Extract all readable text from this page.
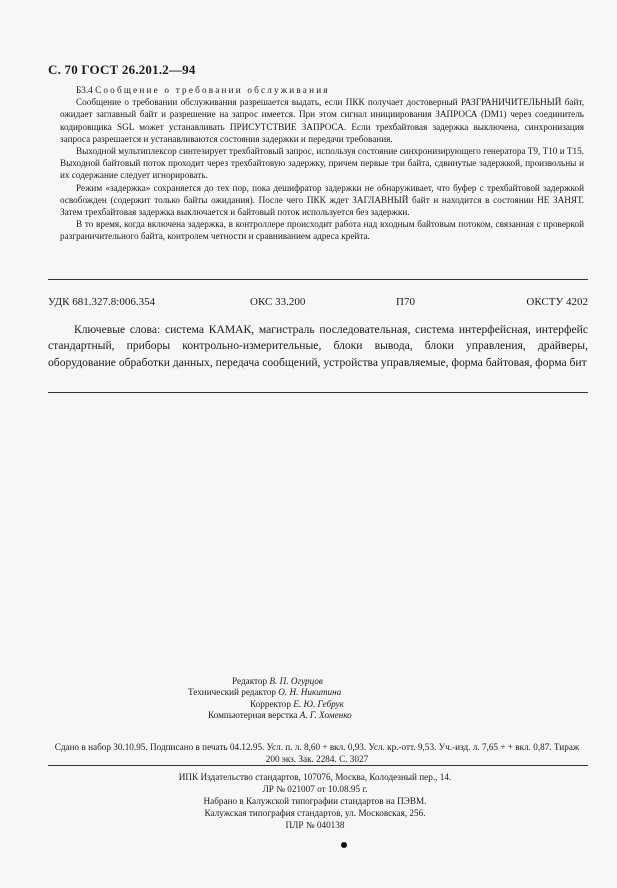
С. 70 ГОСТ 26.201.2—94

Б3.4 Сообщение о требовании обслуживания

Сообщение о требовании обслуживания разрешается выдать, если ПКК получает достоверный РАЗГРАНИЧИТЕЛЬНЫЙ байт, ожидает заглавный байт и разрешение на запрос имеется. При этом сигнал инициирования ЗАПРОСА (DM1) через соединитель кодировщика SGL может устанавливать ПРИСУТСТВИЕ ЗАПРОСА. Если трехбайтовая задержка выключена, синхронизация запроса разрешается и устанавливаются состояния задержки и передачи требования.

Выходной мультиплексор синтезирует трехбайтовый запрос, используя состояние синхронизирующего генератора Т9, Т10 и Т15. Выходной байтовый поток проходит через трехбайтовую задержку, причем первые три байта, сдвинутые задержкой, произвольны и их содержание следует игнорировать.

Режим «задержка» сохраняется до тех пор, пока дешифратор задержки не обнаруживает, что буфер с трехбайтовой задержкой освобожден (содержит только байты ожидания). После чего ПКК ждет ЗАГЛАВНЫЙ байт и находится в состоянии НЕ ЗАНЯТ. Затем трехбайтовая задержка выключается и байтовый поток используется без задержки.

В то время, когда включена задержка, в контроллере происходит работа над входным байтовым потоком, связанная с проверкой разграничительного байта, контролем четности и сравниванием адреса крейта.

УДК 681.327.8:006.354	ОКС 33.200	П70	ОКСТУ 4202

Ключевые слова: система КАМАК, магистраль последовательная, система интерфейсная, интерфейс стандартный, приборы контрольно-измерительные, блоки вывода, блоки управления, драйверы, оборудование обработки данных, передача сообщений, устройства управляемые, форма байтовая, форма бит

Редактор В. П. Огурцов
Технический редактор О. Н. Никитина
Корректор Е. Ю. Гебрук
Компьютерная верстка А. Г. Хоменко
Сдано в набор 30.10.95. Подписано в печать 04.12.95. Усл. п. л. 8,60 + вкл. 0,93. Усл. кр.-отт. 9,53. Уч.-изд. л. 7,65 + + вкл. 0,87. Тираж 200 экз. Зак. 2284. С. 3027
ИПК Издательство стандартов, 107076, Москва, Колодезный пер., 14.
ЛР № 021007 от 10.08.95 г.
Набрано в Калужской типографии стандартов на ПЭВМ.
Калужская типография стандартов, ул. Московская, 256.
ПЛР № 040138
